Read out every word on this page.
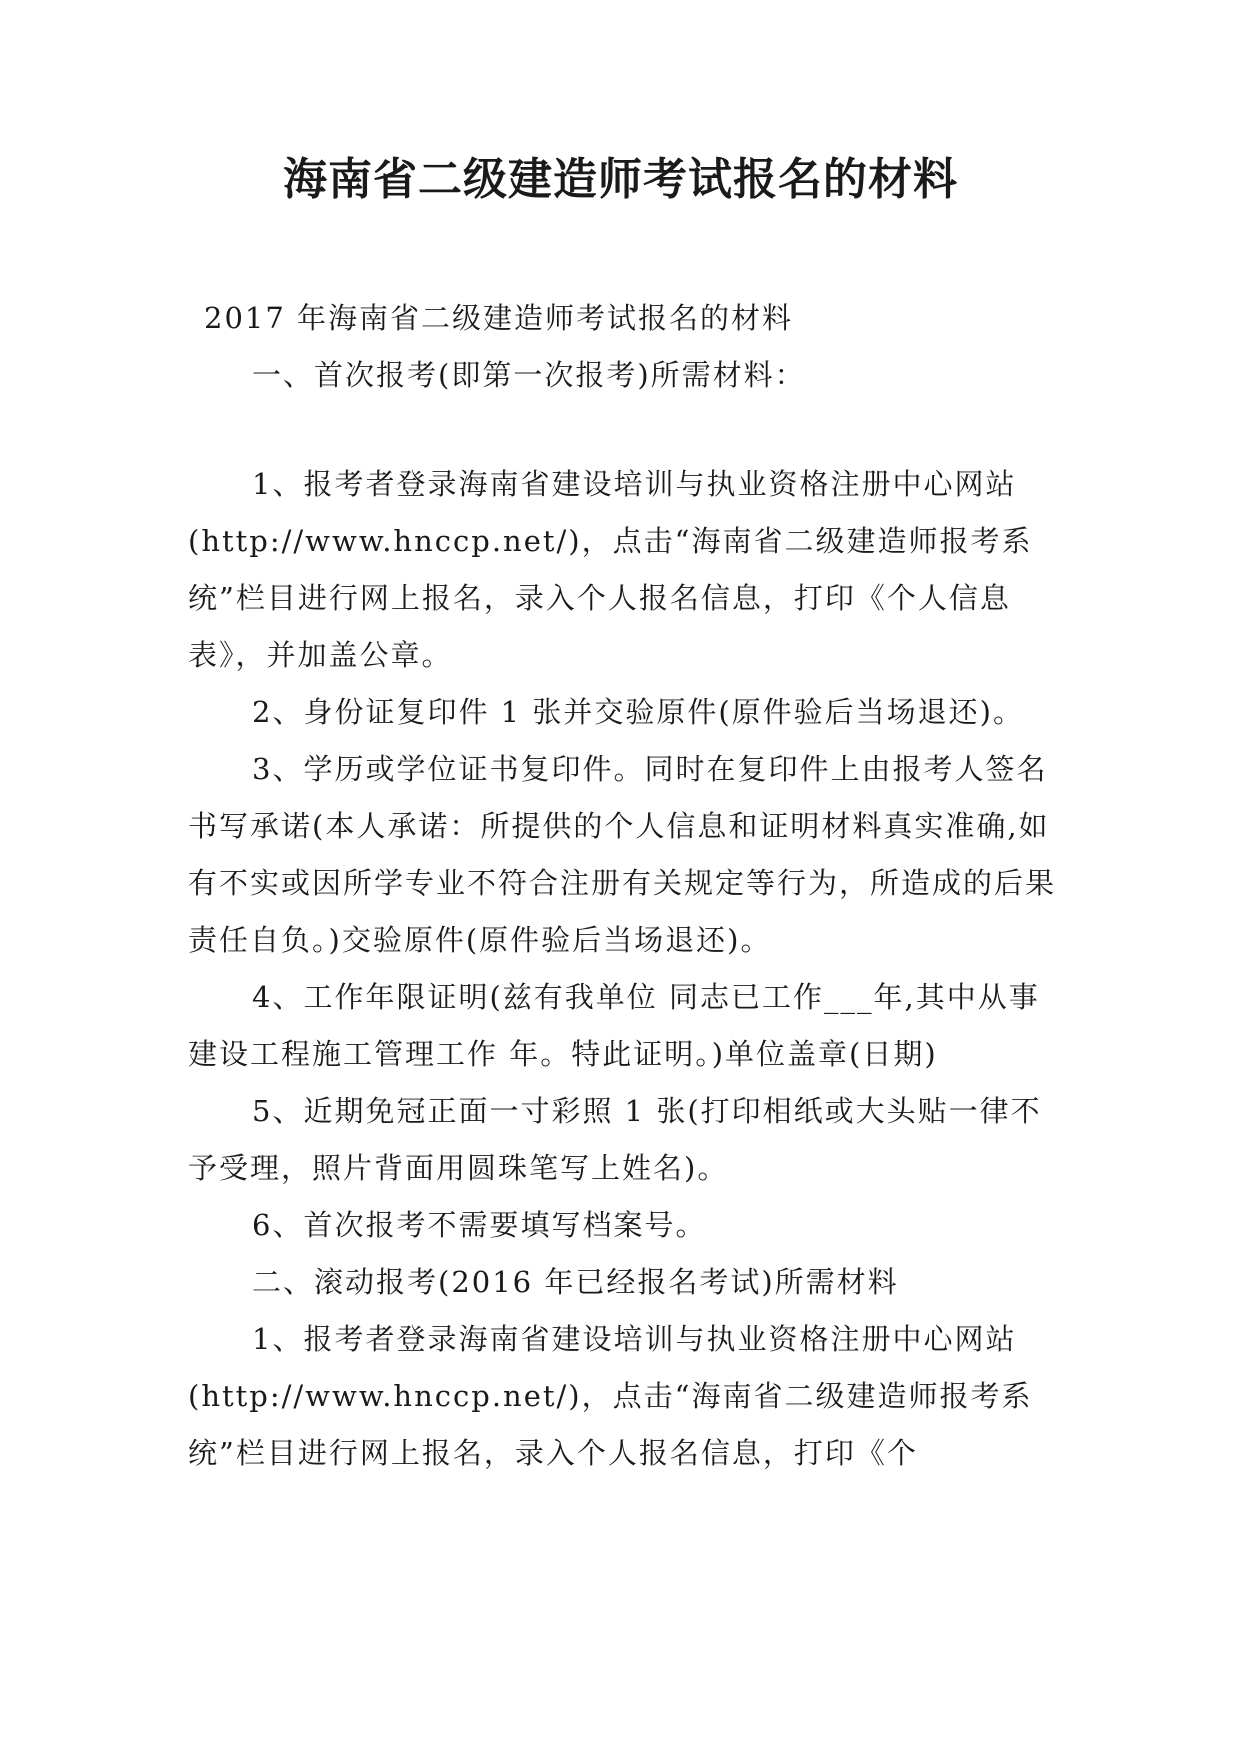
海南省二级建造师考试报名的材料

2017 年海南省二级建造师考试报名的材料

一、首次报考(即第一次报考)所需材料：

1、报考者登录海南省建设培训与执业资格注册中心网站(http://www.hnccp.net/)，点击“海南省二级建造师报考系统”栏目进行网上报名，录入个人报名信息，打印《个人信息表》，并加盖公章。

2、身份证复印件 1 张并交验原件(原件验后当场退还)。

3、学历或学位证书复印件。同时在复印件上由报考人签名书写承诺(本人承诺：所提供的个人信息和证明材料真实准确,如有不实或因所学专业不符合注册有关规定等行为，所造成的后果责任自负。)交验原件(原件验后当场退还)。

4、工作年限证明(兹有我单位 同志已工作___年,其中从事建设工程施工管理工作 年。特此证明。)单位盖章(日期)

5、近期免冠正面一寸彩照 1 张(打印相纸或大头贴一律不予受理，照片背面用圆珠笔写上姓名)。

6、首次报考不需要填写档案号。

二、滚动报考(2016 年已经报名考试)所需材料

1、报考者登录海南省建设培训与执业资格注册中心网站(http://www.hnccp.net/)，点击“海南省二级建造师报考系统”栏目进行网上报名，录入个人报名信息，打印《个
